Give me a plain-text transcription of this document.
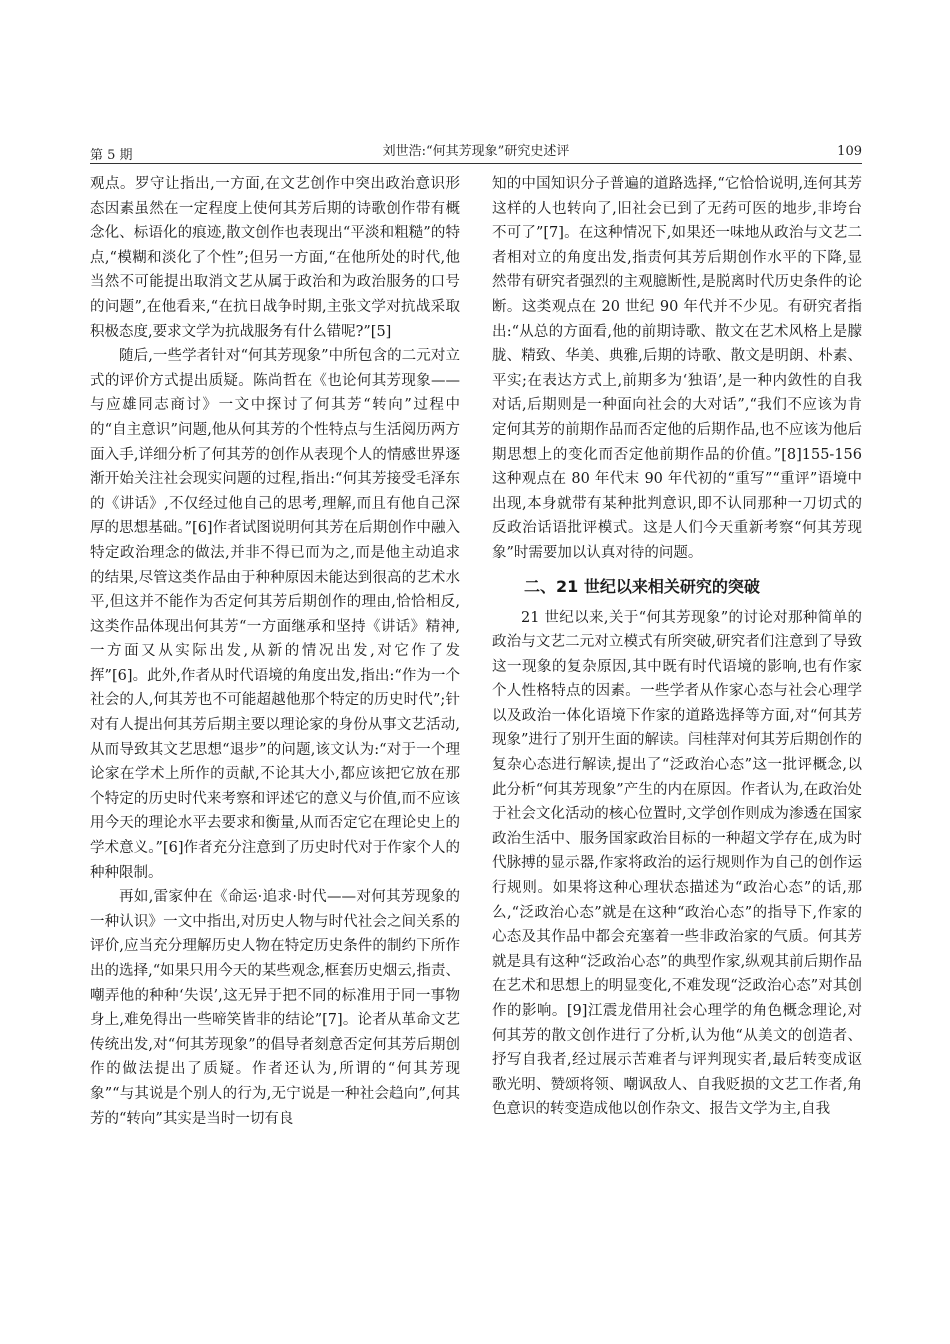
第 5 期	刘世浩:“何其芳现象”研究史述评	109

观点。罗守让指出,一方面,在文艺创作中突出政治意识形态因素虽然在一定程度上使何其芳后期的诗歌创作带有概念化、标语化的痕迹,散文创作也表现出“平淡和粗糙”的特点,“模糊和淡化了个性”;但另一方面,“在他所处的时代,他当然不可能提出取消文艺从属于政治和为政治服务的口号的问题”,在他看来,“在抗日战争时期,主张文学对抗战采取积极态度,要求文学为抗战服务有什么错呢?”[5]

随后,一些学者针对“何其芳现象”中所包含的二元对立式的评价方式提出质疑。陈尚哲在《也论何其芳现象——与应雄同志商讨》一文中探讨了何其芳“转向”过程中的“自主意识”问题,他从何其芳的个性特点与生活阅历两方面入手,详细分析了何其芳的创作从表现个人的情感世界逐渐开始关注社会现实问题的过程,指出:“何其芳接受毛泽东的《讲话》,不仅经过他自己的思考,理解,而且有他自己深厚的思想基础。”[6]作者试图说明何其芳在后期创作中融入特定政治理念的做法,并非不得已而为之,而是他主动追求的结果,尽管这类作品由于种种原因未能达到很高的艺术水平,但这并不能作为否定何其芳后期创作的理由,恰恰相反,这类作品体现出何其芳“一方面继承和坚持《讲话》精神,一方面又从实际出发,从新的情况出发,对它作了发挥”[6]。此外,作者从时代语境的角度出发,指出:“作为一个社会的人,何其芳也不可能超越他那个特定的历史时代”;针对有人提出何其芳后期主要以理论家的身份从事文艺活动,从而导致其文艺思想“退步”的问题,该文认为:“对于一个理论家在学术上所作的贡献,不论其大小,都应该把它放在那个特定的历史时代来考察和评述它的意义与价值,而不应该用今天的理论水平去要求和衡量,从而否定它在理论史上的学术意义。”[6]作者充分注意到了历史时代对于作家个人的种种限制。

再如,雷家仲在《命运·追求·时代——对何其芳现象的一种认识》一文中指出,对历史人物与时代社会之间关系的评价,应当充分理解历史人物在特定历史条件的制约下所作出的选择,“如果只用今天的某些观念,框套历史烟云,指责、嘲弄他的种种‘失误’,这无异于把不同的标准用于同一事物身上,难免得出一些啼笑皆非的结论”[7]。论者从革命文艺传统出发,对“何其芳现象”的倡导者刻意否定何其芳后期创作的做法提出了质疑。作者还认为,所谓的“何其芳现象”“与其说是个别人的行为,无宁说是一种社会趋向”,何其芳的“转向”其实是当时一切有良

知的中国知识分子普遍的道路选择,“它恰恰说明,连何其芳这样的人也转向了,旧社会已到了无药可医的地步,非垮台不可了”[7]。在这种情况下,如果还一味地从政治与文艺二者相对立的角度出发,指责何其芳后期创作水平的下降,显然带有研究者强烈的主观臆断性,是脱离时代历史条件的论断。这类观点在 20 世纪 90 年代并不少见。有研究者指出:“从总的方面看,他的前期诗歌、散文在艺术风格上是朦胧、精致、华美、典雅,后期的诗歌、散文是明朗、朴素、平实;在表达方式上,前期多为‘独语’,是一种内敛性的自我对话,后期则是一种面向社会的大对话”,“我们不应该为肯定何其芳的前期作品而否定他的后期作品,也不应该为他后期思想上的变化而否定他前期作品的价值。”[8]155-156 这种观点在 80 年代末 90 年代初的“重写”“重评”语境中出现,本身就带有某种批判意识,即不认同那种一刀切式的反政治话语批评模式。这是人们今天重新考察“何其芳现象”时需要加以认真对待的问题。

二、21 世纪以来相关研究的突破

21 世纪以来,关于“何其芳现象”的讨论对那种简单的政治与文艺二元对立模式有所突破,研究者们注意到了导致这一现象的复杂原因,其中既有时代语境的影响,也有作家个人性格特点的因素。一些学者从作家心态与社会心理学以及政治一体化语境下作家的道路选择等方面,对“何其芳现象”进行了别开生面的解读。闫桂萍对何其芳后期创作的复杂心态进行解读,提出了“泛政治心态”这一批评概念,以此分析“何其芳现象”产生的内在原因。作者认为,在政治处于社会文化活动的核心位置时,文学创作则成为渗透在国家政治生活中、服务国家政治目标的一种超文学存在,成为时代脉搏的显示器,作家将政治的运行规则作为自己的创作运行规则。如果将这种心理状态描述为“政治心态”的话,那么,“泛政治心态”就是在这种“政治心态”的指导下,作家的心态及其作品中都会充塞着一些非政治家的气质。何其芳就是具有这种“泛政治心态”的典型作家,纵观其前后期作品在艺术和思想上的明显变化,不难发现“泛政治心态”对其创作的影响。[9]江震龙借用社会心理学的角色概念理论,对何其芳的散文创作进行了分析,认为他“从美文的创造者、抒写自我者,经过展示苦难者与评判现实者,最后转变成讴歌光明、赞颂将领、嘲讽敌人、自我贬损的文艺工作者,角色意识的转变造成他以创作杂文、报告文学为主,自我
